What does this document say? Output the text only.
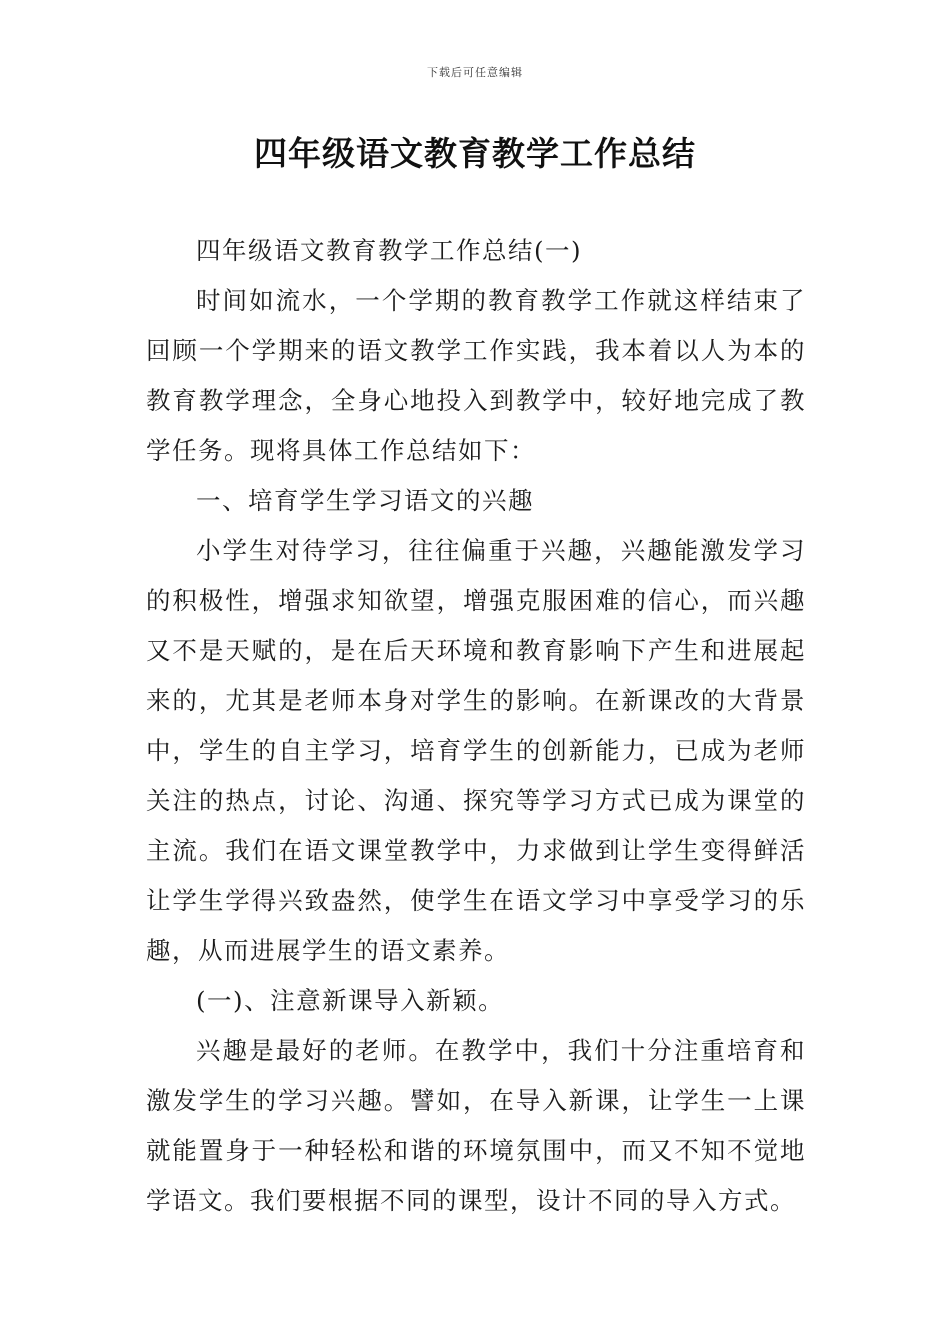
下载后可任意编辑
四年级语文教育教学工作总结

四年级语文教育教学工作总结(一)

时间如流水，一个学期的教育教学工作就这样结束了 回顾一个学期来的语文教学工作实践，我本着以人为本的教育教学理念，全身心地投入到教学中，较好地完成了教学任务。现将具体工作总结如下：

一、培育学生学习语文的兴趣

小学生对待学习，往往偏重于兴趣，兴趣能激发学习的积极性，增强求知欲望，增强克服困难的信心，而兴趣又不是天赋的，是在后天环境和教育影响下产生和进展起来的，尤其是老师本身对学生的影响。在新课改的大背景中，学生的自主学习，培育学生的创新能力，已成为老师关注的热点，讨论、沟通、探究等学习方式已成为课堂的主流。我们在语文课堂教学中，力求做到让学生变得鲜活让学生学得兴致盎然，使学生在语文学习中享受学习的乐趣，从而进展学生的语文素养。

(一)、注意新课导入新颖。

兴趣是最好的老师。在教学中，我们十分注重培育和激发学生的学习兴趣。譬如，在导入新课，让学生一上课就能置身于一种轻松和谐的环境氛围中，而又不知不觉地学语文。我们要根据不同的课型，设计不同的导入方式。
